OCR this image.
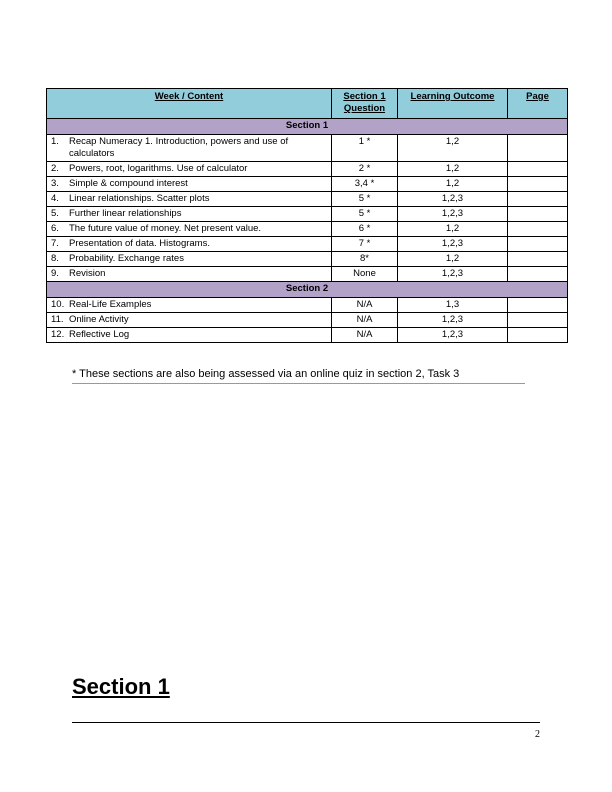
Week / Content	Section 1 Question	Learning Outcome	Page
Section 1			
1. Recap Numeracy 1. Introduction, powers and use of calculators	1 *	1,2	
2. Powers, root, logarithms. Use of calculator	2 *	1,2	
3. Simple & compound interest	3,4 *	1,2	
4. Linear relationships. Scatter plots	5 *	1,2,3	
5. Further linear relationships	5 *	1,2,3	
6. The future value of money. Net present value.	6 *	1,2	
7. Presentation of data. Histograms.	7 *	1,2,3	
8. Probability. Exchange rates	8*	1,2	
9. Revision	None	1,2,3	
Section 2			
10. Real-Life Examples	N/A	1,3	
11. Online Activity	N/A	1,2,3	
12. Reflective Log	N/A	1,2,3	
* These sections are also being assessed via an online quiz in section 2, Task 3
Section 1
2
